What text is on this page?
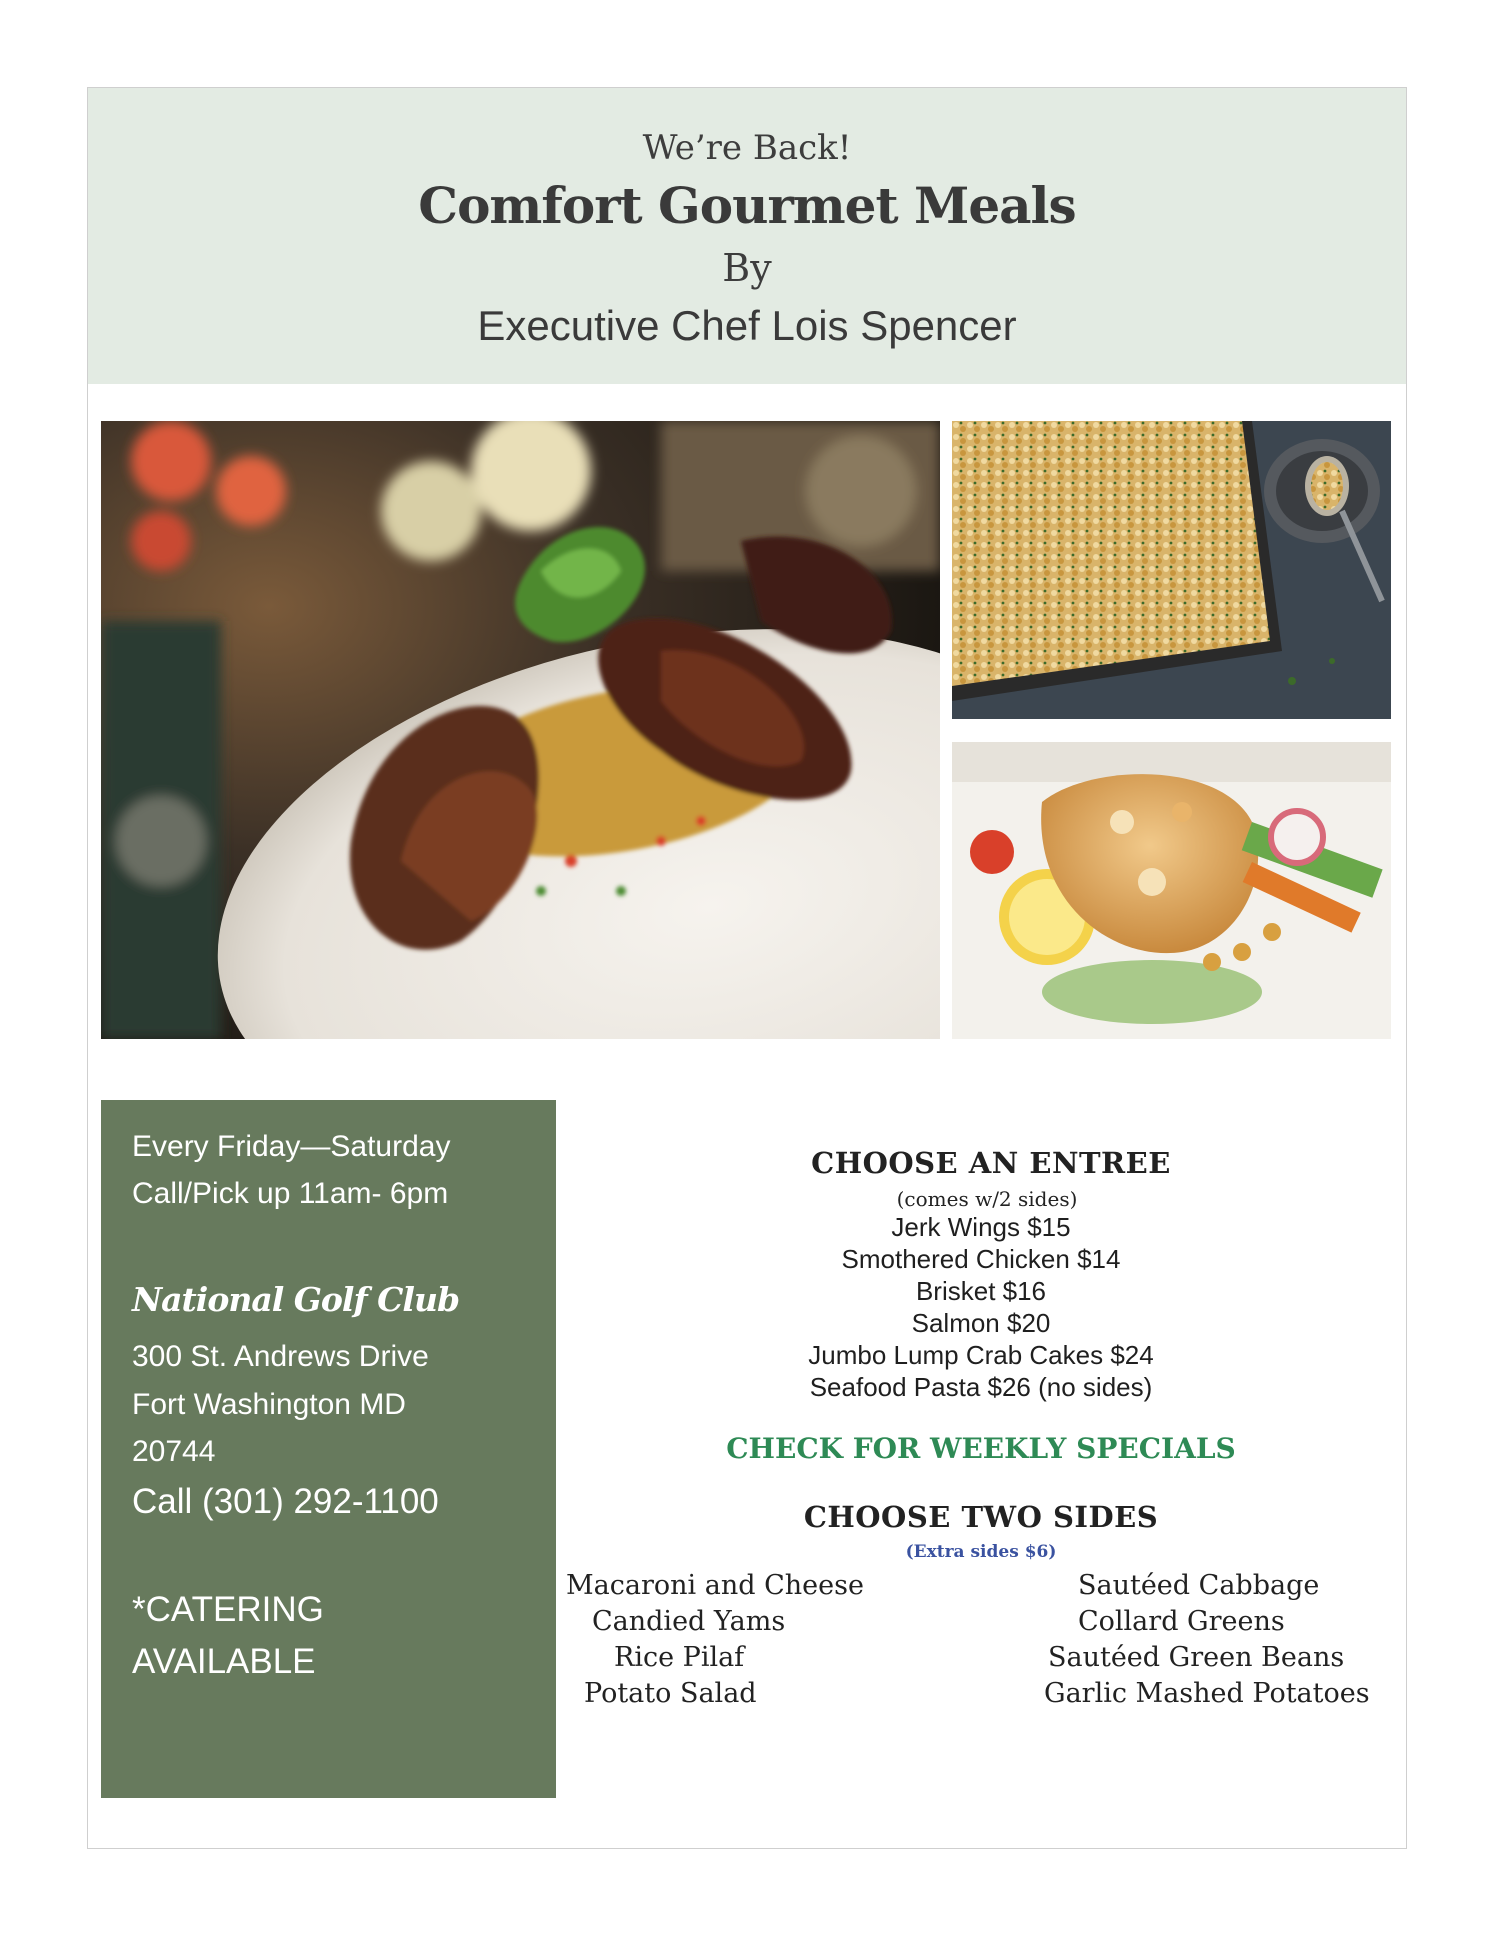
We’re Back!
Comfort Gourmet Meals
By
Executive Chef Lois Spencer
Every Friday—Saturday
Call/Pick up 11am- 6pm
National Golf Club
300 St. Andrews Drive
Fort Washington MD
20744
Call (301) 292-1100
*CATERING
AVAILABLE
CHOOSE AN ENTREE
(comes w/2 sides)
Jerk Wings $15
Smothered Chicken $14
Brisket $16
Salmon $20
Jumbo Lump Crab Cakes $24
Seafood Pasta $26 (no sides)
CHECK FOR WEEKLY SPECIALS
CHOOSE TWO SIDES
(Extra sides $6)
Macaroni and Cheese
Candied Yams
Rice Pilaf
Potato Salad
Sautéed Cabbage
Collard Greens
Sautéed Green Beans
Garlic Mashed Potatoes
